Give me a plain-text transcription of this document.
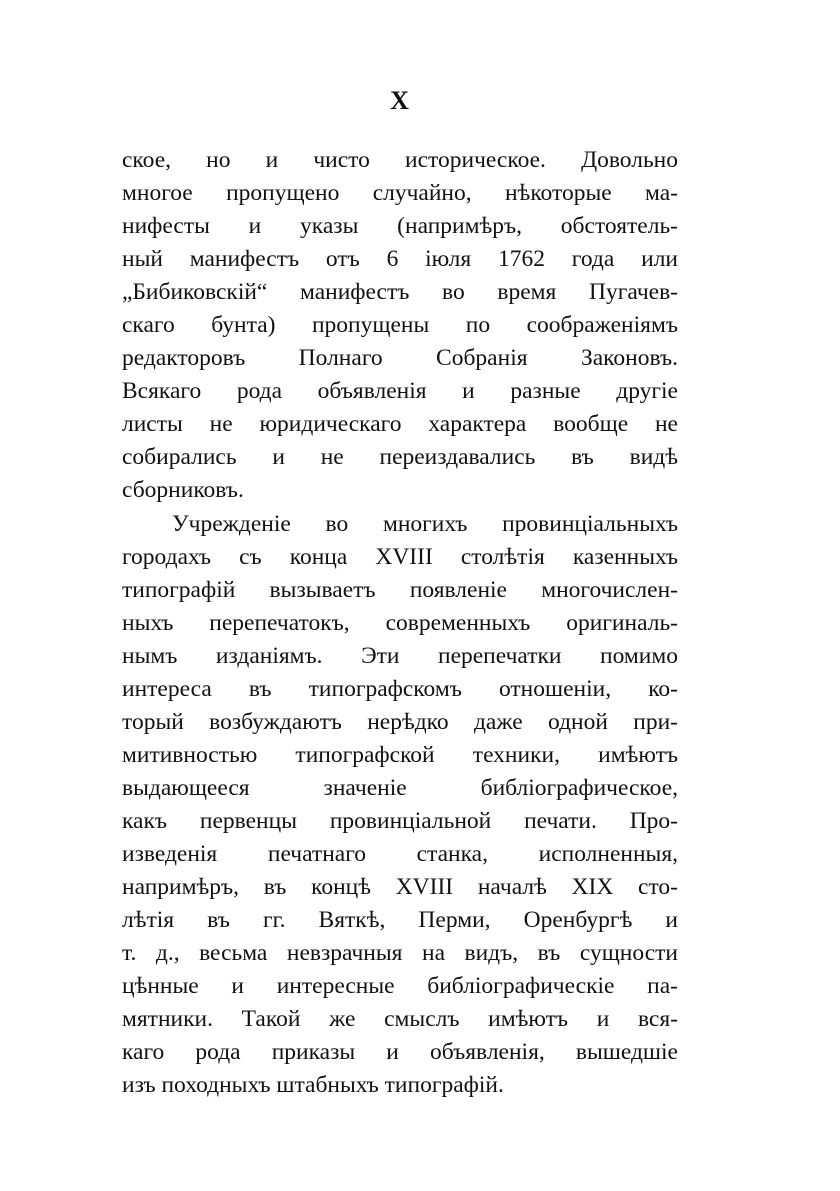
X
ское, но и чисто историческое. Довольно
многое пропущено случайно, нѣкоторые ма-
нифесты и указы (напримѣръ, обстоятель-
ный манифестъ отъ 6 іюля 1762 года или
„Бибиковскій“ манифестъ во время Пугачев-
скаго бунта) пропущены по соображеніямъ
редакторовъ Полнаго Собранія Законовъ.
Всякаго рода объявленія и разные другіе
листы не юридическаго характера вообще не
собирались и не переиздавались въ видѣ
сборниковъ.
Учрежденіе во многихъ провинціальныхъ
городахъ съ конца XVIII столѣтія казенныхъ
типографій вызываетъ появленіе многочислен-
ныхъ перепечатокъ, современныхъ оригиналь-
нымъ изданіямъ. Эти перепечатки помимо
интереса въ типографскомъ отношеніи, ко-
торый возбуждаютъ нерѣдко даже одной при-
митивностью типографской техники, имѣютъ
выдающееся значеніе библіографическое,
какъ первенцы провинціальной печати. Про-
изведенія печатнаго станка, исполненныя,
напримѣръ, въ концѣ XVIII началѣ XIX сто-
лѣтія въ гг. Вяткѣ, Перми, Оренбургѣ и
т. д., весьма невзрачныя на видъ, въ сущности
цѣнные и интересные библіографическіе па-
мятники. Такой же смыслъ имѣютъ и вся-
каго рода приказы и объявленія, вышедшіе
изъ походныхъ штабныхъ типографій.
